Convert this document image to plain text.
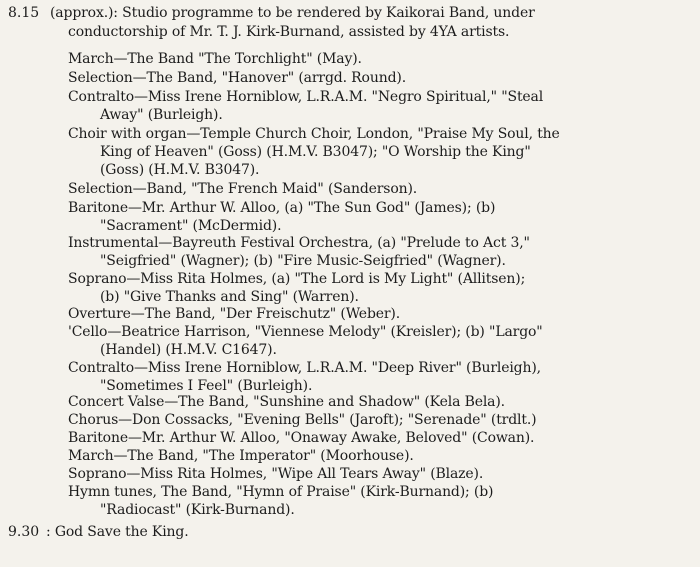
8.15 (approx.): Studio programme to be rendered by Kaikorai Band, under
conductorship of Mr. T. J. Kirk-Burnand, assisted by 4YA artists.
March—The Band "The Torchlight" (May).
Selection—The Band, "Hanover" (arrgd. Round).
Contralto—Miss Irene Horniblow, L.R.A.M. "Negro Spiritual," "Steal
Away" (Burleigh).
Choir with organ—Temple Church Choir, London, "Praise My Soul, the
King of Heaven" (Goss) (H.M.V. B3047); "O Worship the King"
(Goss) (H.M.V. B3047).
Selection—Band, "The French Maid" (Sanderson).
Baritone—Mr. Arthur W. Alloo, (a) "The Sun God" (James); (b)
"Sacrament" (McDermid).
Instrumental—Bayreuth Festival Orchestra, (a) "Prelude to Act 3,"
"Seigfried" (Wagner); (b) "Fire Music-Seigfried" (Wagner).
Soprano—Miss Rita Holmes, (a) "The Lord is My Light" (Allitsen);
(b) "Give Thanks and Sing" (Warren).
Overture—The Band, "Der Freischutz" (Weber).
'Cello—Beatrice Harrison, "Viennese Melody" (Kreisler); (b) "Largo"
(Handel) (H.M.V. C1647).
Contralto—Miss Irene Horniblow, L.R.A.M. "Deep River" (Burleigh),
"Sometimes I Feel" (Burleigh).
Concert Valse—The Band, "Sunshine and Shadow" (Kela Bela).
Chorus—Don Cossacks, "Evening Bells" (Jaroft); "Serenade" (trdlt.)
Baritone—Mr. Arthur W. Alloo, "Onaway Awake, Beloved" (Cowan).
March—The Band, "The Imperator" (Moorhouse).
Soprano—Miss Rita Holmes, "Wipe All Tears Away" (Blaze).
Hymn tunes, The Band, "Hymn of Praise" (Kirk-Burnand); (b)
"Radiocast" (Kirk-Burnand).
9.30 : God Save the King.
